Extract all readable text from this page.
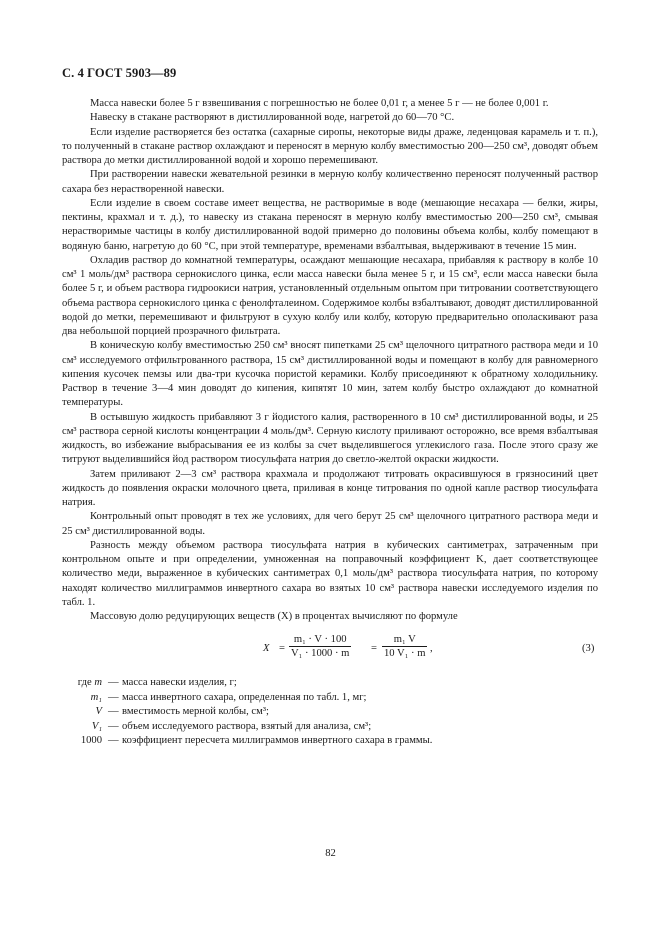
С. 4 ГОСТ 5903—89

Масса навески более 5 г взвешивания с погрешностью не более 0,01 г, а менее 5 г — не более 0,001 г.

Навеску в стакане растворяют в дистиллированной воде, нагретой до 60—70 °С.

Если изделие растворяется без остатка (сахарные сиропы, некоторые виды драже, леденцовая карамель и т. п.), то полученный в стакане раствор охлаждают и переносят в мерную колбу вместимостью 200—250 см³, доводят объем раствора до метки дистиллированной водой и хорошо перемешивают.

При растворении навески жевательной резинки в мерную колбу количественно переносят полученный раствор сахара без нерастворенной навески.

Если изделие в своем составе имеет вещества, не растворимые в воде (мешающие несахара — белки, жиры, пектины, крахмал и т. д.), то навеску из стакана переносят в мерную колбу вместимостью 200—250 см³, смывая нерастворимые частицы в колбу дистиллированной водой примерно до половины объема колбы, колбу помещают в водяную баню, нагретую до 60 °С, при этой температуре, временами взбалтывая, выдерживают в течение 15 мин.

Охладив раствор до комнатной температуры, осаждают мешающие несахара, прибавляя к раствору в колбе 10 см³ 1 моль/дм³ раствора сернокислого цинка, если масса навески была менее 5 г, и 15 см³, если масса навески была более 5 г, и объем раствора гидроокиси натрия, установленный отдельным опытом при титровании соответствующего объема раствора сернокислого цинка с фенолфталеином. Содержимое колбы взбалтывают, доводят дистиллированной водой до метки, перемешивают и фильтруют в сухую колбу или колбу, которую предварительно ополаскивают раза два небольшой порцией прозрачного фильтрата.

В коническую колбу вместимостью 250 см³ вносят пипетками 25 см³ щелочного цитратного раствора меди и 10 см³ исследуемого отфильтрованного раствора, 15 см³ дистиллированной воды и помещают в колбу для равномерного кипения кусочек пемзы или два-три кусочка пористой керамики. Колбу присоединяют к обратному холодильнику. Раствор в течение 3—4 мин доводят до кипения, кипятят 10 мин, затем колбу быстро охлаждают до комнатной температуры.

В остывшую жидкость прибавляют 3 г йодистого калия, растворенного в 10 см³ дистиллированной воды, и 25 см³ раствора серной кислоты концентрации 4 моль/дм³. Серную кислоту приливают осторожно, все время взбалтывая жидкость, во избежание выбрасывания ее из колбы за счет выделившегося углекислого газа. После этого сразу же титруют выделившийся йод раствором тиосульфата натрия до светло-желтой окраски жидкости.

Затем приливают 2—3 см³ раствора крахмала и продолжают титровать окрасившуюся в грязносиний цвет жидкость до появления окраски молочного цвета, приливая в конце титрования по одной капле раствор тиосульфата натрия.

Контрольный опыт проводят в тех же условиях, для чего берут 25 см³ щелочного цитратного раствора меди и 25 см³ дистиллированной воды.

Разность между объемом раствора тиосульфата натрия в кубических сантиметрах, затраченным при контрольном опыте и при определении, умноженная на поправочный коэффициент K, дает соответствующее количество меди, выраженное в кубических сантиметрах 0,1 моль/дм³ раствора тиосульфата натрия, по которому находят количество миллиграммов инвертного сахара во взятых 10 см³ раствора навески исследуемого изделия по табл. 1.

Массовую долю редуцирующих веществ (X) в процентах вычисляют по формуле

$X = \frac{\text{m₁ · V · 100}}{\text{V₁ · 1000 · m}} = \frac{\text{m₁ V}}{\text{10 V₁ · m}}$ ,	(3)
где m — масса навески изделия, г;
m₁ — масса инвертного сахара, определенная по табл. 1, мг;
V — вместимость мерной колбы, см³;
V₁ — объем исследуемого раствора, взятый для анализа, см³;
1000 — коэффициент пересчета миллиграммов инвертного сахара в граммы.
82
